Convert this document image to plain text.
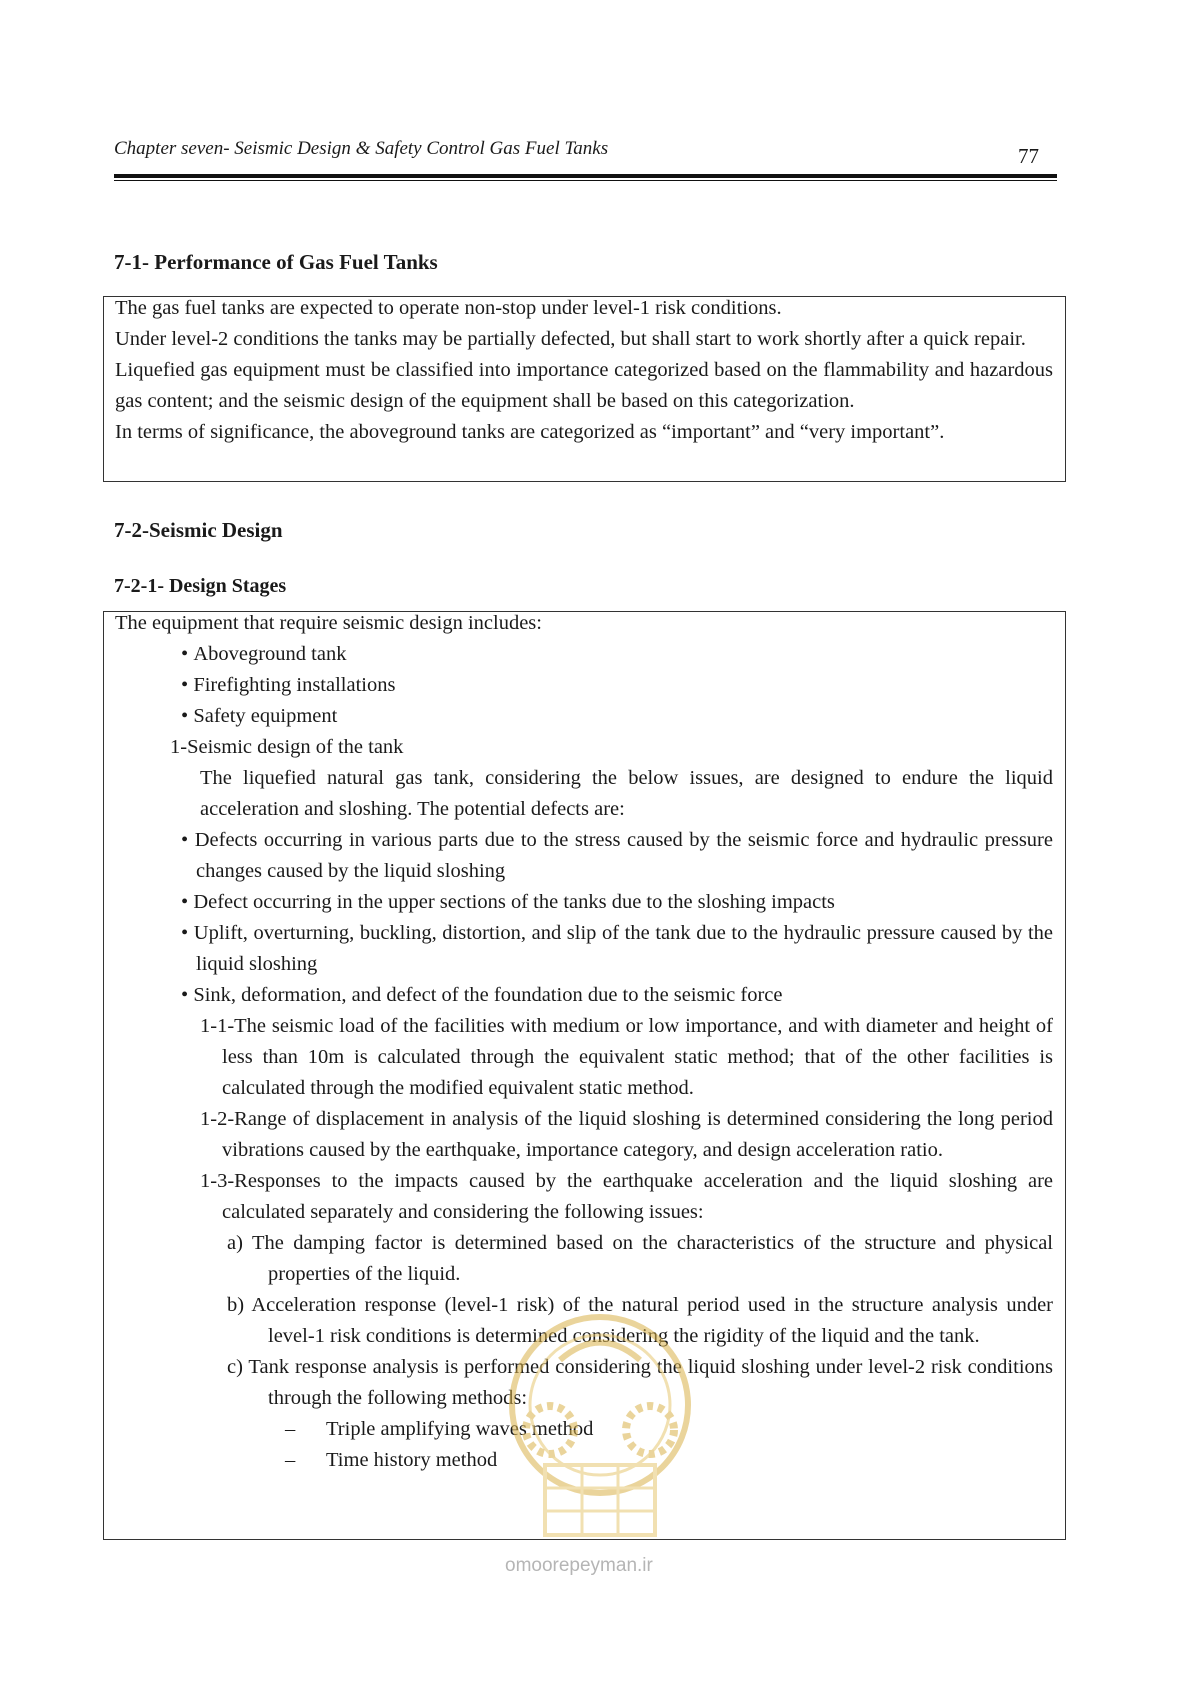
Chapter seven- Seismic Design & Safety Control Gas Fuel Tanks	77
7-1- Performance of Gas Fuel Tanks

The gas fuel tanks are expected to operate non-stop under level-1 risk conditions.

Under level-2 conditions the tanks may be partially defected, but shall start to work shortly after a quick repair.

Liquefied gas equipment must be classified into importance categorized based on the flammability and hazardous gas content; and the seismic design of the equipment shall be based on this categorization.

In terms of significance, the aboveground tanks are categorized as “important” and “very important”.

7-2-Seismic Design
7-2-1- Design Stages

The equipment that require seismic design includes:

• Aboveground tank

• Firefighting installations

• Safety equipment

1-Seismic design of the tank

The liquefied natural gas tank, considering the below issues, are designed to endure the liquid acceleration and sloshing. The potential defects are:

• Defects occurring in various parts due to the stress caused by the seismic force and hydraulic pressure changes caused by the liquid sloshing

• Defect occurring in the upper sections of the tanks due to the sloshing impacts

• Uplift, overturning, buckling, distortion, and slip of the tank due to the hydraulic pressure caused by the liquid sloshing

• Sink, deformation, and defect of the foundation due to the seismic force

1-1-The seismic load of the facilities with medium or low importance, and with diameter and height of less than 10m is calculated through the equivalent static method; that of the other facilities is calculated through the modified equivalent static method.

1-2-Range of displacement in analysis of the liquid sloshing is determined considering the long period vibrations caused by the earthquake, importance category, and design acceleration ratio.

1-3-Responses to the impacts caused by the earthquake acceleration and the liquid sloshing are calculated separately and considering the following issues:

a) The damping factor is determined based on the characteristics of the structure and physical properties of the liquid.

b) Acceleration response (level-1 risk) of the natural period used in the structure analysis under level-1 risk conditions is determined considering the rigidity of the liquid and the tank.

c) Tank response analysis is performed considering the liquid sloshing under level-2 risk conditions through the following methods:

–      Triple amplifying waves method

–      Time history method

omoorepeyman.ir
